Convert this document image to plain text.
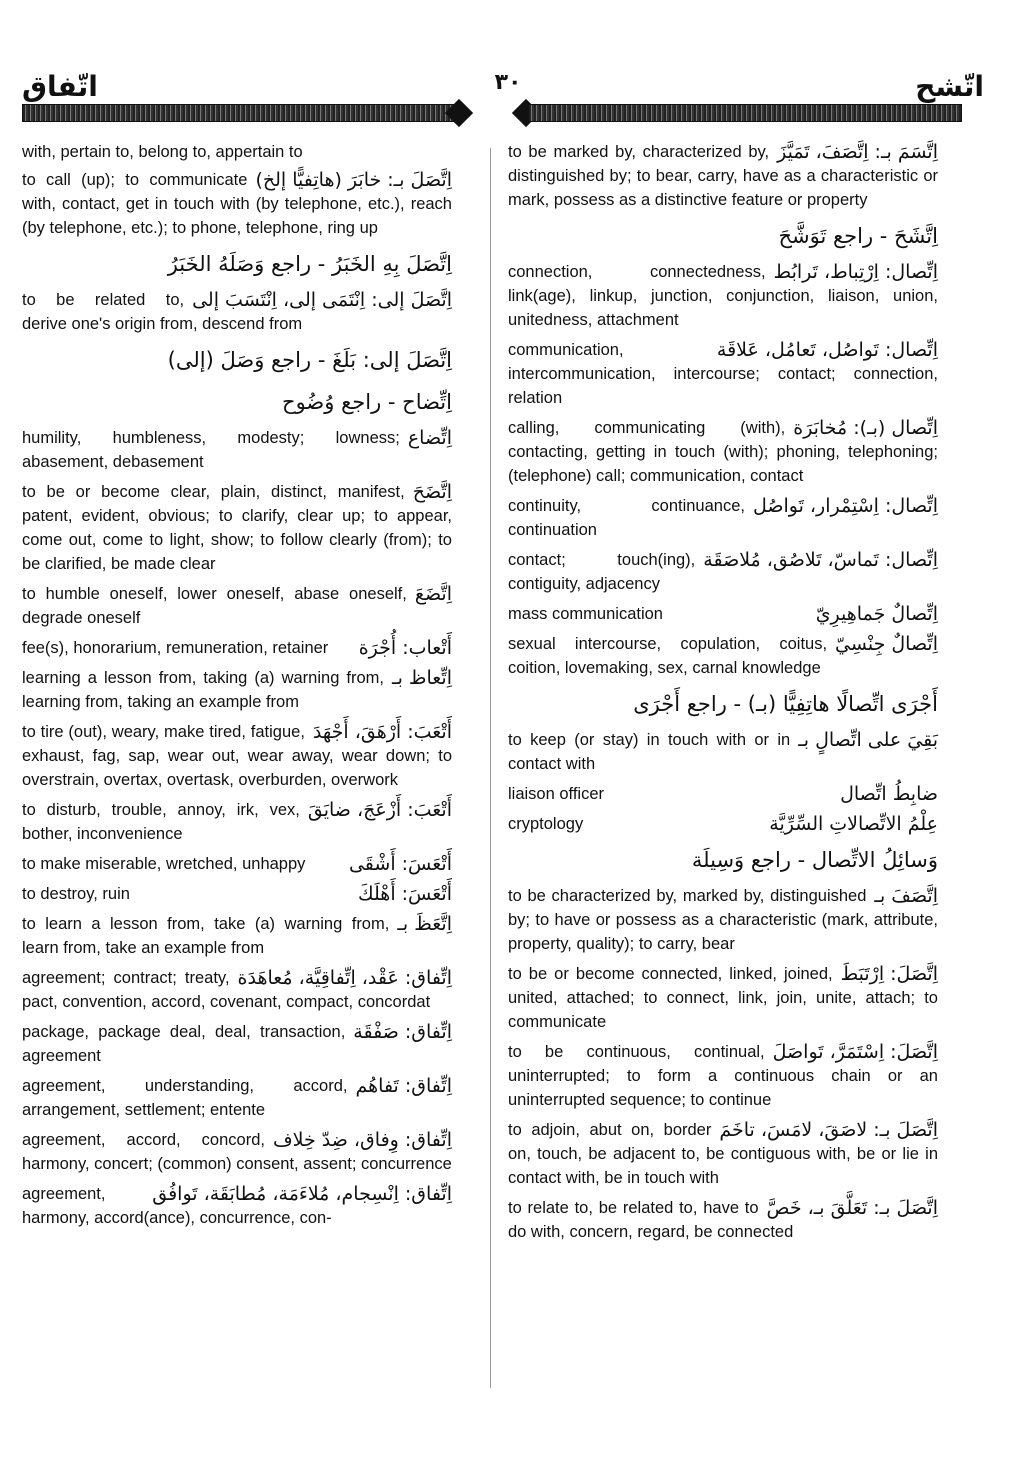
اتّفاق	٣٠	اتّشح
with, pertain to, belong to, appertain to
اِتَّصَلَ بـ: خابَرَ (هاتِفيًّا إلخ)
to call (up); to communicate with, contact, get in touch with (by telephone, etc.), reach (by telephone, etc.); to phone, telephone, ring up
اِتَّصَلَ بِهِ الخَبَرُ - راجع وَصَلَهُ الخَبَرُ
اِتَّصَلَ إلى: اِنْتَمَى إلى، اِنْتَسَبَ إلى
to be related to, derive one's origin from, descend from
اِتَّصَلَ إلى: بَلَغَ - راجع وَصَلَ (إلى)
اِتِّضاح - راجع وُضُوح
اِتِّضاع
humility, humbleness, modesty; lowness; abasement, debasement
اِتَّضَحَ
to be or become clear, plain, distinct, manifest, patent, evident, obvious; to clarify, clear up; to appear, come out, come to light, show; to follow clearly (from); to be clarified, be made clear
اِتَّضَعَ
to humble oneself, lower oneself, abase oneself, degrade oneself
أَتْعاب: أُجْرَة
fee(s), honorarium, remuneration, retainer
اِتِّعاظ بـ
learning a lesson from, taking (a) warning from, learning from, taking an example from
أَتْعَبَ: أَرْهَقَ، أَجْهَدَ
to tire (out), weary, make tired, fatigue, exhaust, fag, sap, wear out, wear away, wear down; to overstrain, overtax, overtask, overburden, overwork
أَتْعَبَ: أَزْعَجَ، ضايَقَ
to disturb, trouble, annoy, irk, vex, bother, inconvenience
أَتْعَسَ: أَشْقَى
to make miserable, wretched, unhappy
أَتْعَسَ: أَهْلَكَ
to destroy, ruin
اِتَّعَظَ بـ
to learn a lesson from, take (a) warning from, learn from, take an example from
اِتِّفاق: عَقْد، اِتِّفاقِيَّة، مُعاهَدَة
agreement; contract; treaty, pact, convention, accord, covenant, compact, concordat
اِتِّفاق: صَفْقَة
package, package deal, deal, transaction, agreement
اِتِّفاق: تَفاهُم
agreement, understanding, accord, arrangement, settlement; entente
اِتِّفاق: وِفاق، ضِدّ خِلاف
agreement, accord, concord, harmony, concert; (common) consent, assent; concurrence
اِتِّفاق: اِنْسِجام، مُلاءَمَة، مُطابَقَة، تَوافُق
agreement, harmony, accord(ance), concurrence, con-
اِتَّسَمَ بـ: اِتَّصَفَ، تَمَيَّزَ
to be marked by, characterized by, distinguished by; to bear, carry, have as a characteristic or mark, possess as a distinctive feature or property
اِتَّشَحَ - راجع تَوَشَّحَ
اِتِّصال: اِرْتِباط، تَرابُط
connection, connectedness, link(age), linkup, junction, conjunction, liaison, union, unitedness, attachment
اِتِّصال: تَواصُل، تَعامُل، عَلاقَة
communication, intercommunication, intercourse; contact; connection, relation
اِتِّصال (بـ): مُخابَرَة
calling, communicating (with), contacting, getting in touch (with); phoning, telephoning; (telephone) call; communication, contact
اِتِّصال: اِسْتِمْرار، تَواصُل
continuity, continuance, continuation
اِتِّصال: تَماسّ، تَلاصُق، مُلاصَقَة
contact; touch(ing), contiguity, adjacency
اِتِّصالٌ جَماهِيرِيّ
mass communication
اِتِّصالٌ جِنْسِيّ
sexual intercourse, copulation, coitus, coition, lovemaking, sex, carnal knowledge
أَجْرَى اتِّصالًا هاتِفِيًّا (بـ) - راجع أَجْرَى
بَقِيَ على اتِّصالٍ بـ
to keep (or stay) in touch with or in contact with
ضابِطُ اتِّصال
liaison officer
عِلْمُ الاتِّصالاتِ السِّرِّيَّة
cryptology
وَسائِلُ الاتِّصال - راجع وَسِيلَة
اِتَّصَفَ بـ
to be characterized by, marked by, distinguished by; to have or possess as a characteristic (mark, attribute, property, quality); to carry, bear
اِتَّصَلَ: اِرْتَبَطَ
to be or become connected, linked, joined, united, attached; to connect, link, join, unite, attach; to communicate
اِتَّصَلَ: اِسْتَمَرَّ، تَواصَلَ
to be continuous, continual, uninterrupted; to form a continuous chain or an uninterrupted sequence; to continue
اِتَّصَلَ بـ: لاصَقَ، لامَسَ، تاخَمَ
to adjoin, abut on, border on, touch, be adjacent to, be contiguous with, be or lie in contact with, be in touch with
اِتَّصَلَ بـ: تَعَلَّقَ بـ، خَصَّ
to relate to, be related to, have to do with, concern, regard, be connected
